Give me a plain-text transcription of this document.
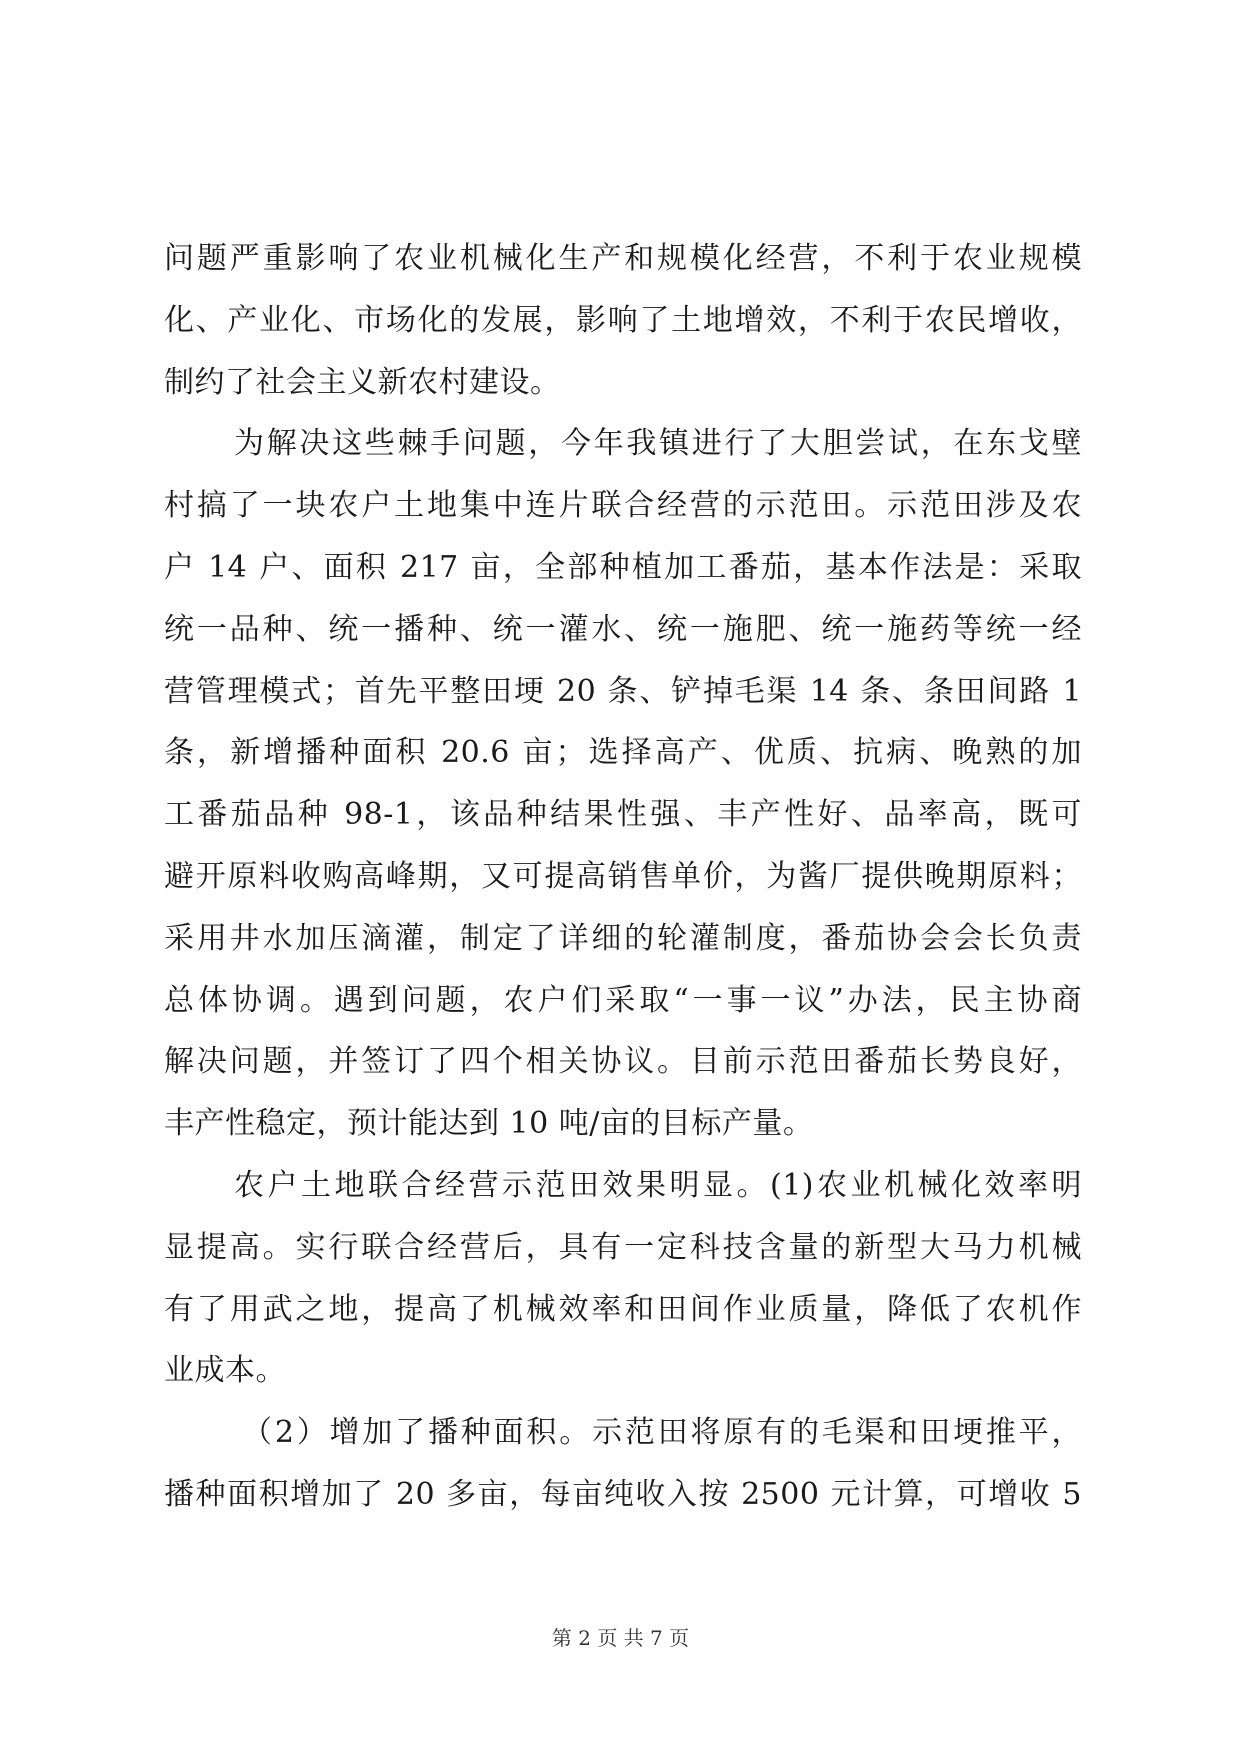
问题严重影响了农业机械化生产和规模化经营，不利于农业规模
化、产业化、市场化的发展，影响了土地增效，不利于农民增收，
制约了社会主义新农村建设。
为解决这些棘手问题，今年我镇进行了大胆尝试，在东戈壁
村搞了一块农户土地集中连片联合经营的示范田。示范田涉及农
户 14 户、面积 217 亩，全部种植加工番茄，基本作法是：采取
统一品种、统一播种、统一灌水、统一施肥、统一施药等统一经
营管理模式；首先平整田埂 20 条、铲掉毛渠 14 条、条田间路 1
条，新增播种面积 20.6 亩；选择高产、优质、抗病、晚熟的加
工番茄品种 98-1，该品种结果性强、丰产性好、品率高，既可
避开原料收购高峰期，又可提高销售单价，为酱厂提供晚期原料；
采用井水加压滴灌，制定了详细的轮灌制度，番茄协会会长负责
总体协调。遇到问题，农户们采取“一事一议”办法，民主协商
解决问题，并签订了四个相关协议。目前示范田番茄长势良好，
丰产性稳定，预计能达到 10 吨/亩的目标产量。
农户土地联合经营示范田效果明显。(1)农业机械化效率明
显提高。实行联合经营后，具有一定科技含量的新型大马力机械
有了用武之地，提高了机械效率和田间作业质量，降低了农机作
业成本。
（2）增加了播种面积。示范田将原有的毛渠和田埂推平，
播种面积增加了 20 多亩，每亩纯收入按 2500 元计算，可增收 5
第 2 页 共 7 页
